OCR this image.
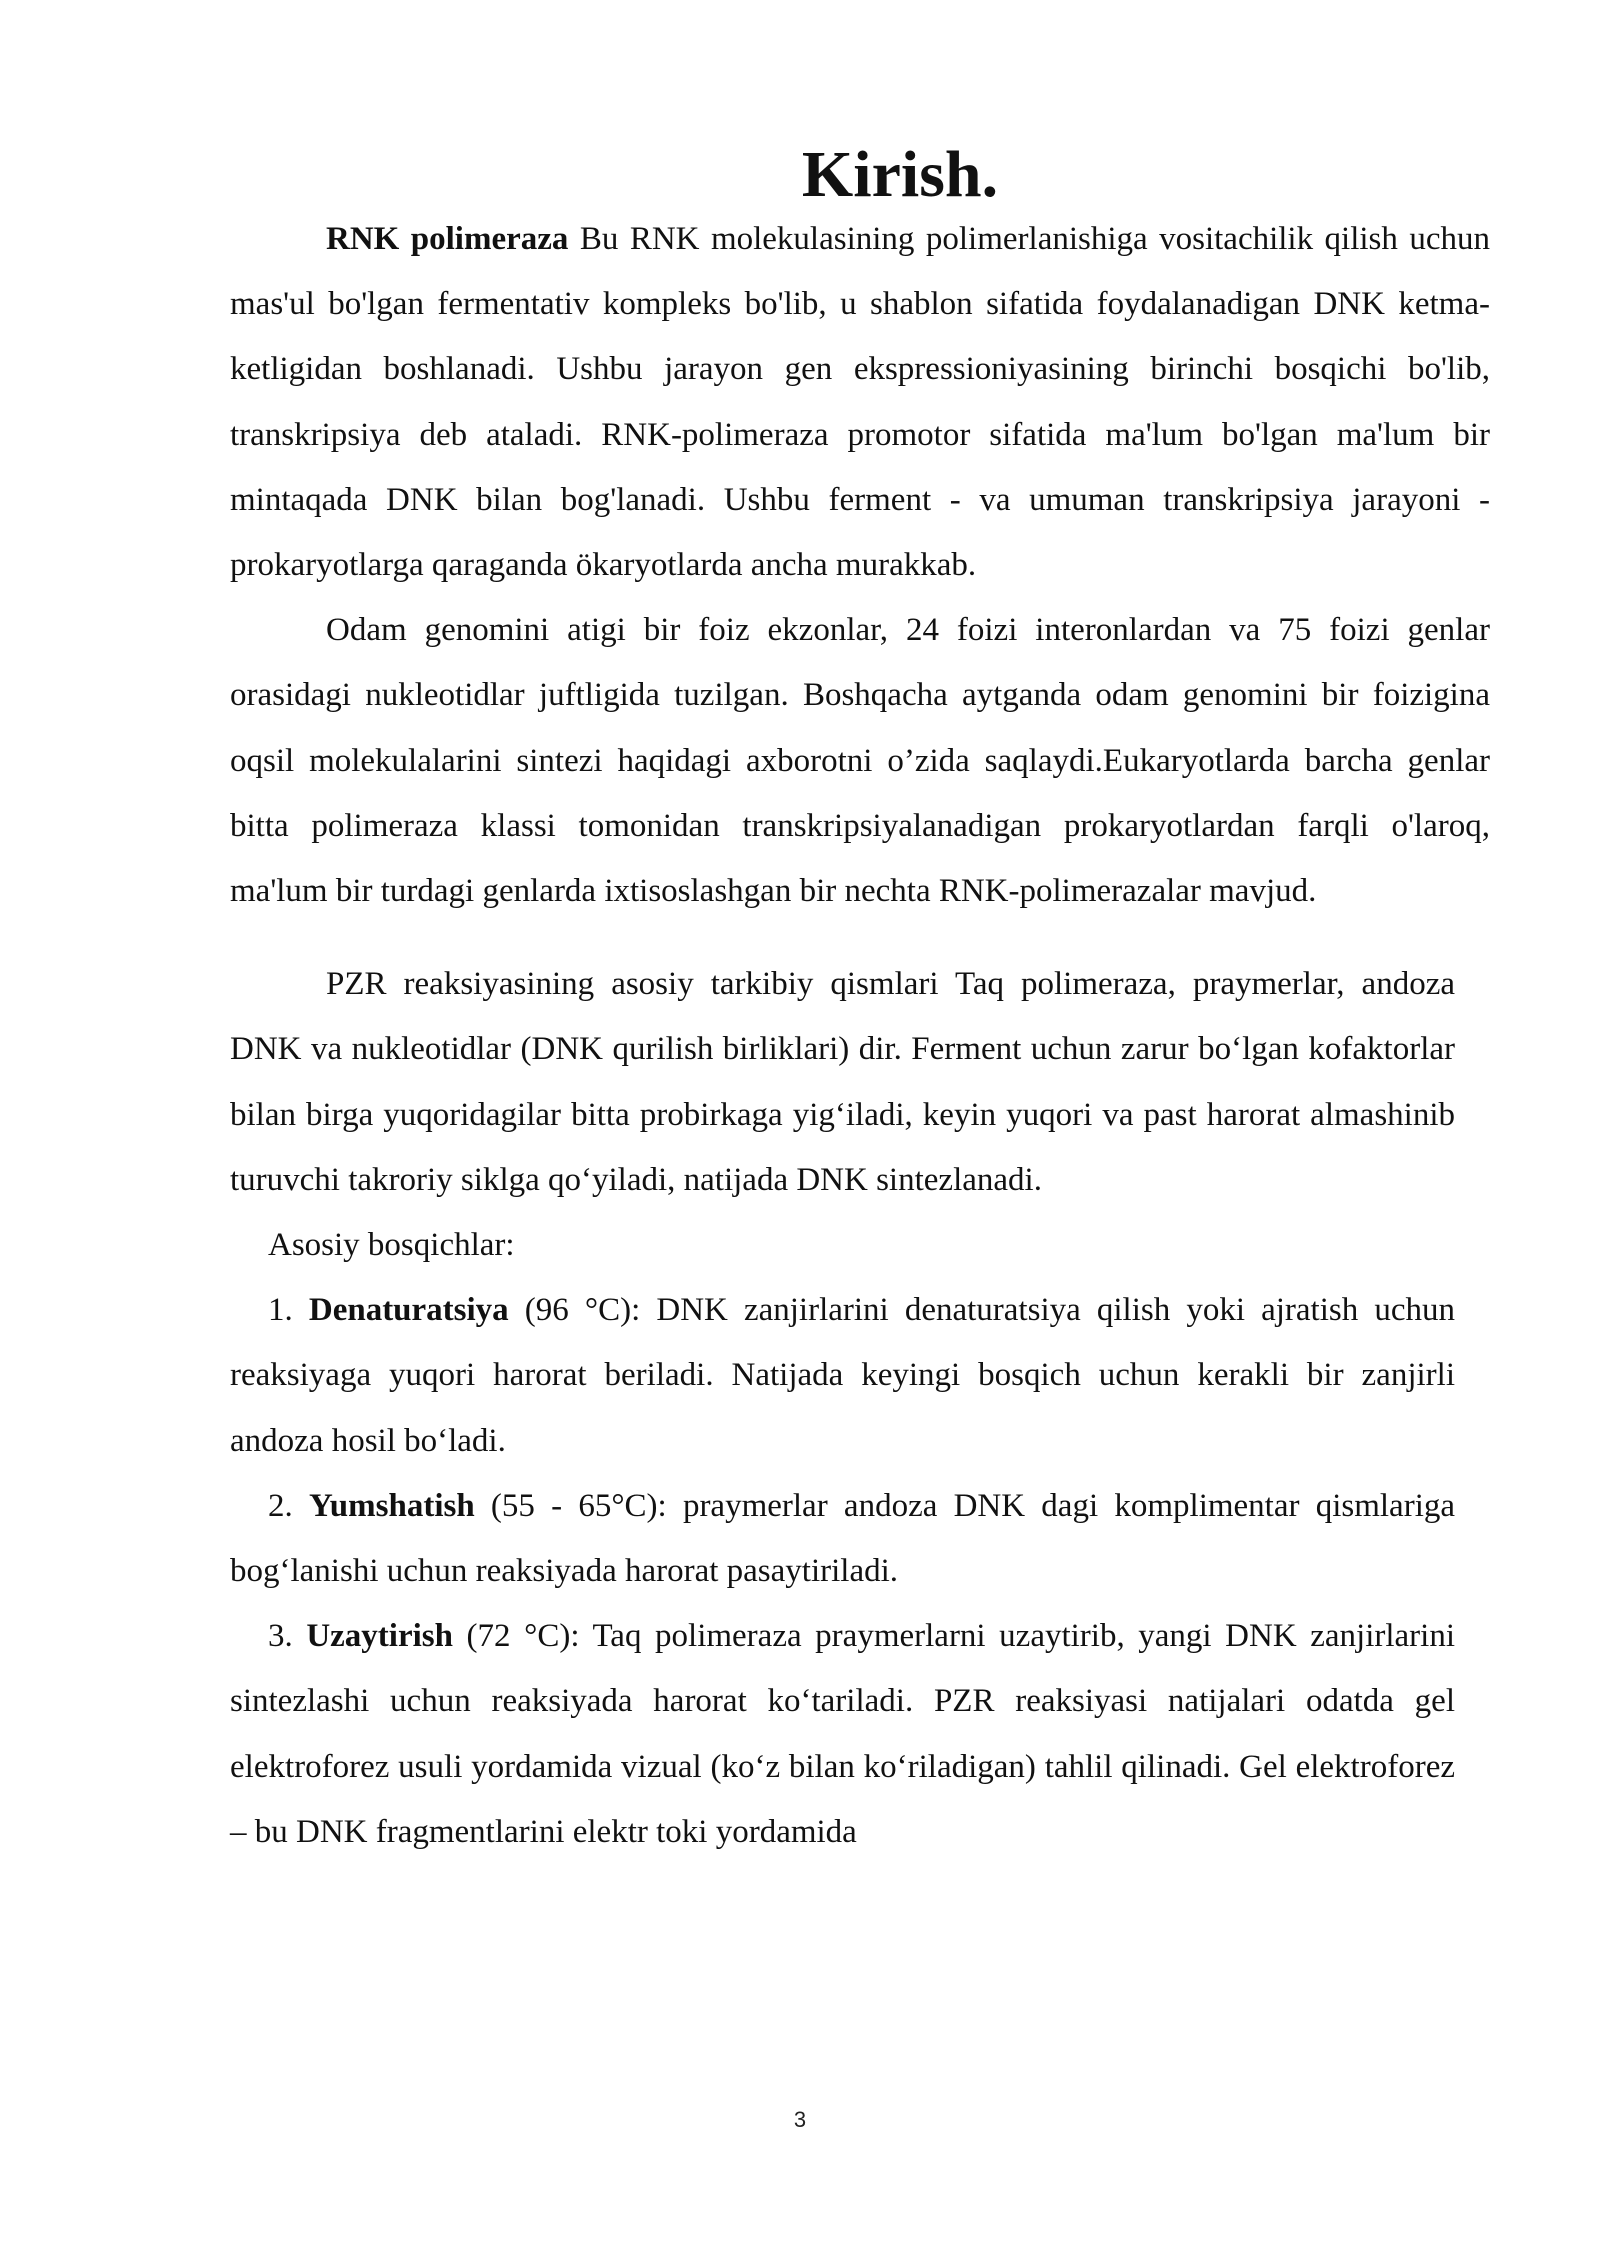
Kirish.

RNK polimeraza Bu RNK molekulasining polimerlanishiga vositachilik qilish uchun mas'ul bo'lgan fermentativ kompleks bo'lib, u shablon sifatida foydalanadigan DNK ketma-ketligidan boshlanadi. Ushbu jarayon gen ekspressioniyasining birinchi bosqichi bo'lib, transkripsiya deb ataladi. RNK-polimeraza promotor sifatida ma'lum bo'lgan ma'lum bir mintaqada DNK bilan bog'lanadi. Ushbu ferment - va umuman transkripsiya jarayoni - prokaryotlarga qaraganda ökaryotlarda ancha murakkab.

Odam genomini atigi bir foiz ekzonlar, 24 foizi interonlardan va 75 foizi genlar orasidagi nukleotidlar juftligida tuzilgan. Boshqacha aytganda odam genomini bir foizigina oqsil molekulalarini sintezi haqidagi axborotni o’zida saqlaydi.Eukaryotlarda barcha genlar bitta polimeraza klassi tomonidan transkripsiyalanadigan prokaryotlardan farqli o'laroq, ma'lum bir turdagi genlarda ixtisoslashgan bir nechta RNK-polimerazalar mavjud.

PZR reaksiyasining asosiy tarkibiy qismlari Taq polimeraza, praymerlar, andoza DNK va nukleotidlar (DNK qurilish birliklari) dir. Ferment uchun zarur bo‘lgan kofaktorlar bilan birga yuqoridagilar bitta probirkaga yig‘iladi, keyin yuqori va past harorat almashinib turuvchi takroriy siklga qo‘yiladi, natijada DNK sintezlanadi.

Asosiy bosqichlar:

1. Denaturatsiya (96 °C): DNK zanjirlarini denaturatsiya qilish yoki ajratish uchun reaksiyaga yuqori harorat beriladi. Natijada keyingi bosqich uchun kerakli bir zanjirli andoza hosil bo‘ladi.

2. Yumshatish (55 - 65°C): praymerlar andoza DNK dagi komplimentar qismlariga bog‘lanishi uchun reaksiyada harorat pasaytiriladi.

3. Uzaytirish (72 °C): Taq polimeraza praymerlarni uzaytirib, yangi DNK zanjirlarini sintezlashi uchun reaksiyada harorat ko‘tariladi. PZR reaksiyasi natijalari odatda gel elektroforez usuli yordamida vizual (ko‘z bilan ko‘riladigan) tahlil qilinadi. Gel elektroforez – bu DNK fragmentlarini elektr toki yordamida

3
